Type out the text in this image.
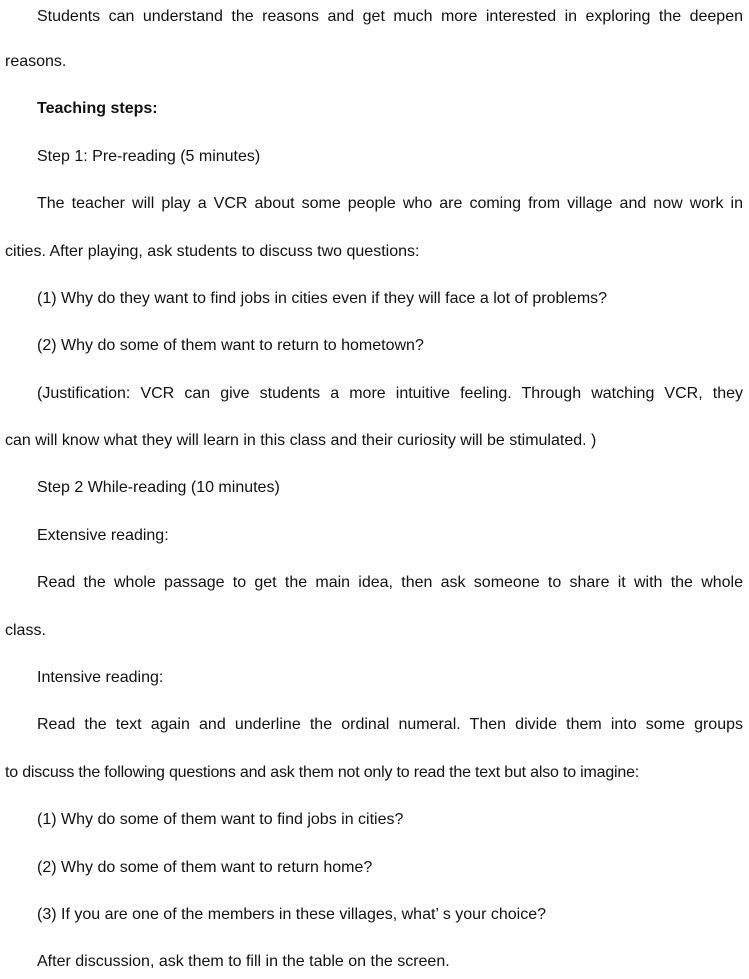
Students can understand the reasons and get much more interested in exploring the deepen
reasons.
Teaching steps:
Step 1: Pre-reading (5 minutes)
The teacher will play a VCR about some people who are coming from village and now work in
cities. After playing, ask students to discuss two questions:
(1) Why do they want to find jobs in cities even if they will face a lot of problems?
(2) Why do some of them want to return to hometown?
(Justification: VCR can give students a more intuitive feeling. Through watching VCR, they
can will know what they will learn in this class and their curiosity will be stimulated. )
Step 2 While-reading (10 minutes)
Extensive reading:
Read the whole passage to get the main idea, then ask someone to share it with the whole
class.
Intensive reading:
Read the text again and underline the ordinal numeral. Then divide them into some groups
to discuss the following questions and ask them not only to read the text but also to imagine:
(1) Why do some of them want to find jobs in cities?
(2) Why do some of them want to return home?
(3) If you are one of the members in these villages, what’ s your choice?
After discussion, ask them to fill in the table on the screen.
